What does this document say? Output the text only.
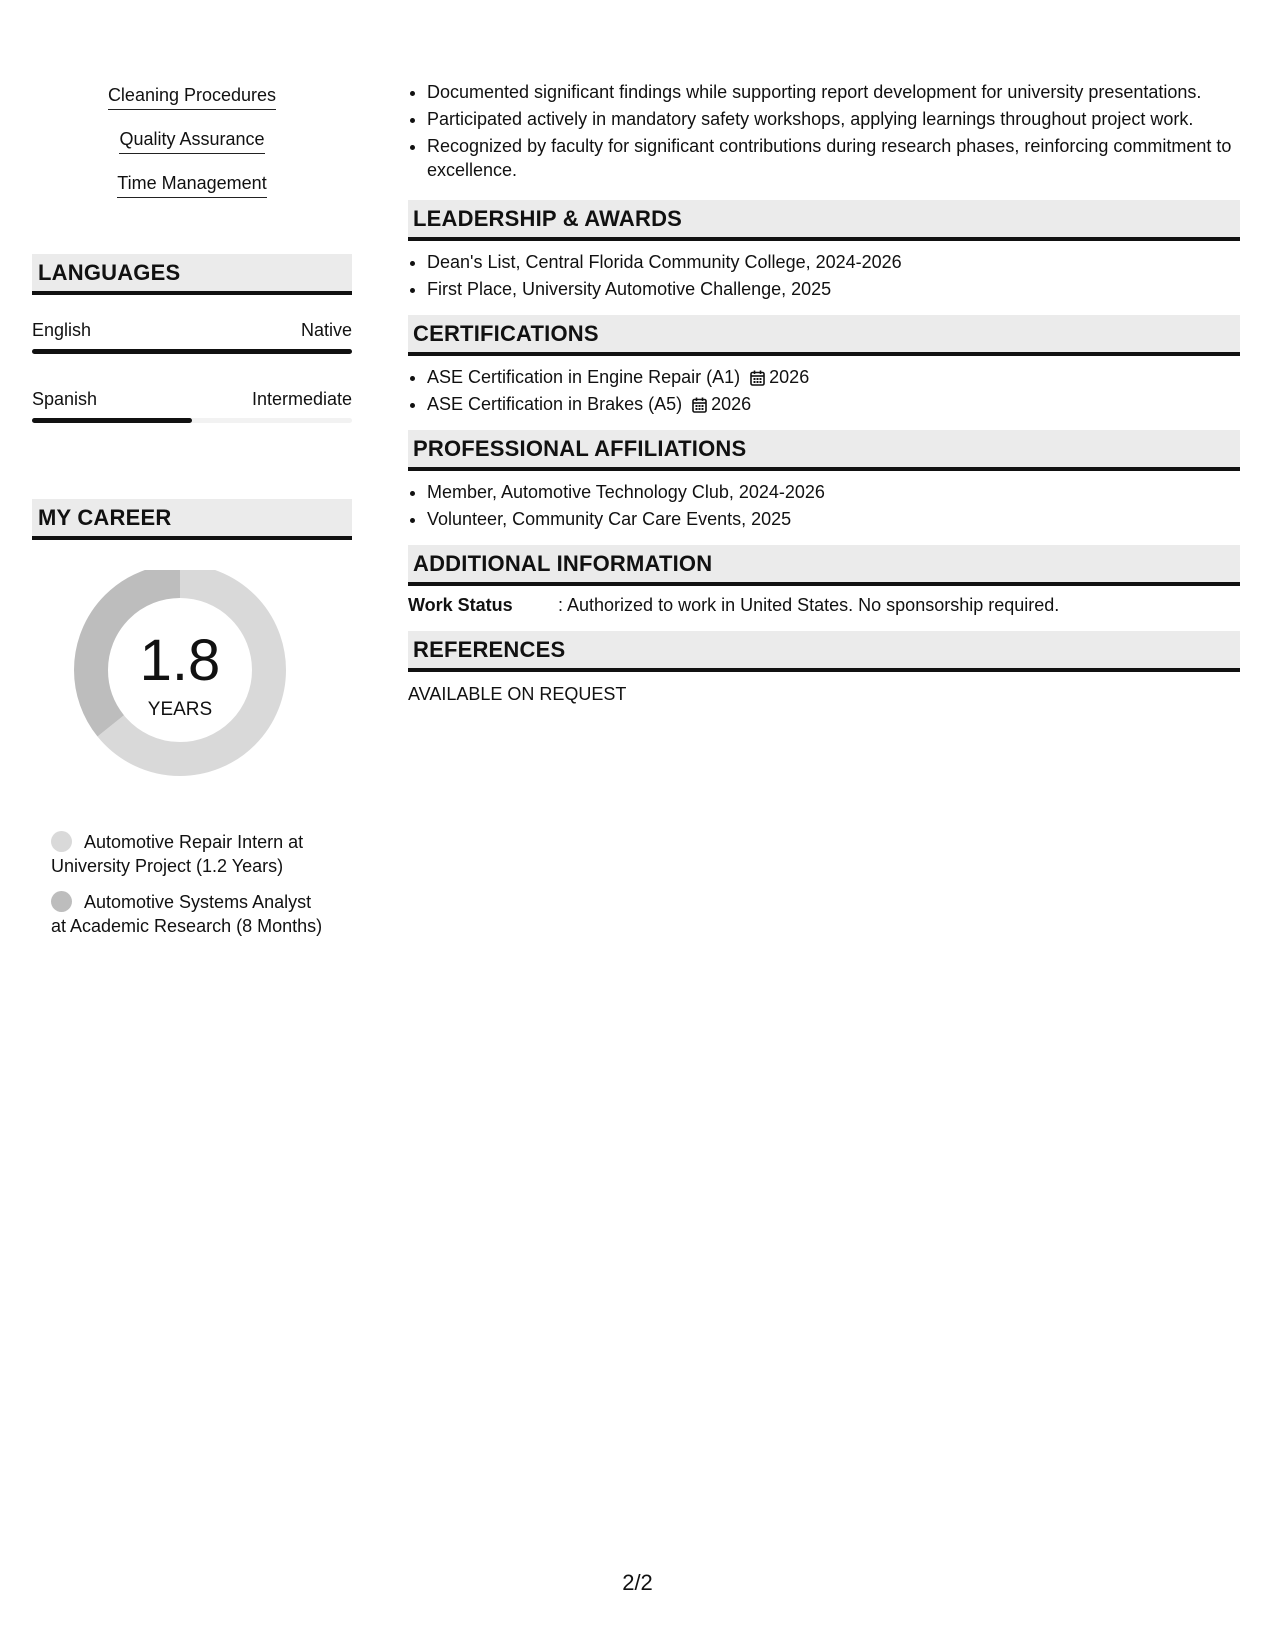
Cleaning Procedures
Quality Assurance
Time Management
LANGUAGES
English	Native
Spanish	Intermediate
MY CAREER
1.8
YEARS
Automotive Repair Intern at University Project (1.2 Years)
Automotive Systems Analyst at Academic Research (8 Months)
• Documented significant findings while supporting report development for university presentations.
• Participated actively in mandatory safety workshops, applying learnings throughout project work.
• Recognized by faculty for significant contributions during research phases, reinforcing commitment to excellence.
LEADERSHIP & AWARDS
• Dean's List, Central Florida Community College, 2024-2026
• First Place, University Automotive Challenge, 2025
CERTIFICATIONS
• ASE Certification in Engine Repair (A1) 2026
• ASE Certification in Brakes (A5) 2026
PROFESSIONAL AFFILIATIONS
• Member, Automotive Technology Club, 2024-2026
• Volunteer, Community Car Care Events, 2025
ADDITIONAL INFORMATION
Work Status	: Authorized to work in United States. No sponsorship required.
REFERENCES
AVAILABLE ON REQUEST
2/2
